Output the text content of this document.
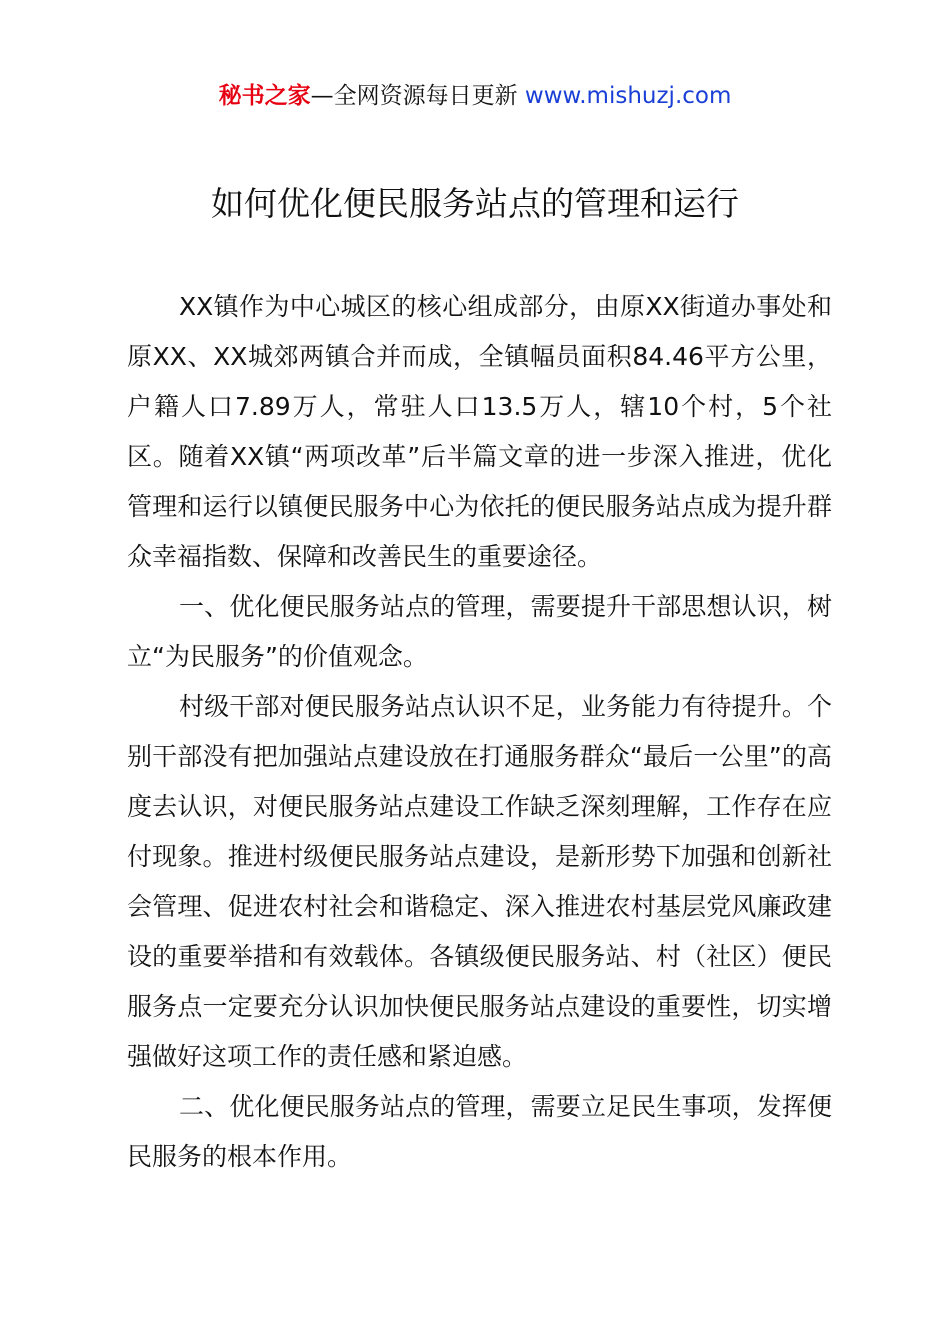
秘书之家—全网资源每日更新 www.mishuzj.com
如何优化便民服务站点的管理和运行

XX镇作为中心城区的核心组成部分，由原XX街道办事处和原XX、XX城郊两镇合并而成，全镇幅员面积84.46平方公里，户籍人口7.89万人，常驻人口13.5万人，辖10个村，5个社区。随着XX镇“两项改革”后半篇文章的进一步深入推进，优化管理和运行以镇便民服务中心为依托的便民服务站点成为提升群众幸福指数、保障和改善民生的重要途径。

一、优化便民服务站点的管理，需要提升干部思想认识，树立“为民服务”的价值观念。

村级干部对便民服务站点认识不足，业务能力有待提升。个别干部没有把加强站点建设放在打通服务群众“最后一公里”的高度去认识，对便民服务站点建设工作缺乏深刻理解，工作存在应付现象。推进村级便民服务站点建设，是新形势下加强和创新社会管理、促进农村社会和谐稳定、深入推进农村基层党风廉政建设的重要举措和有效载体。各镇级便民服务站、村（社区）便民服务点一定要充分认识加快便民服务站点建设的重要性，切实增强做好这项工作的责任感和紧迫感。

二、优化便民服务站点的管理，需要立足民生事项，发挥便民服务的根本作用。
